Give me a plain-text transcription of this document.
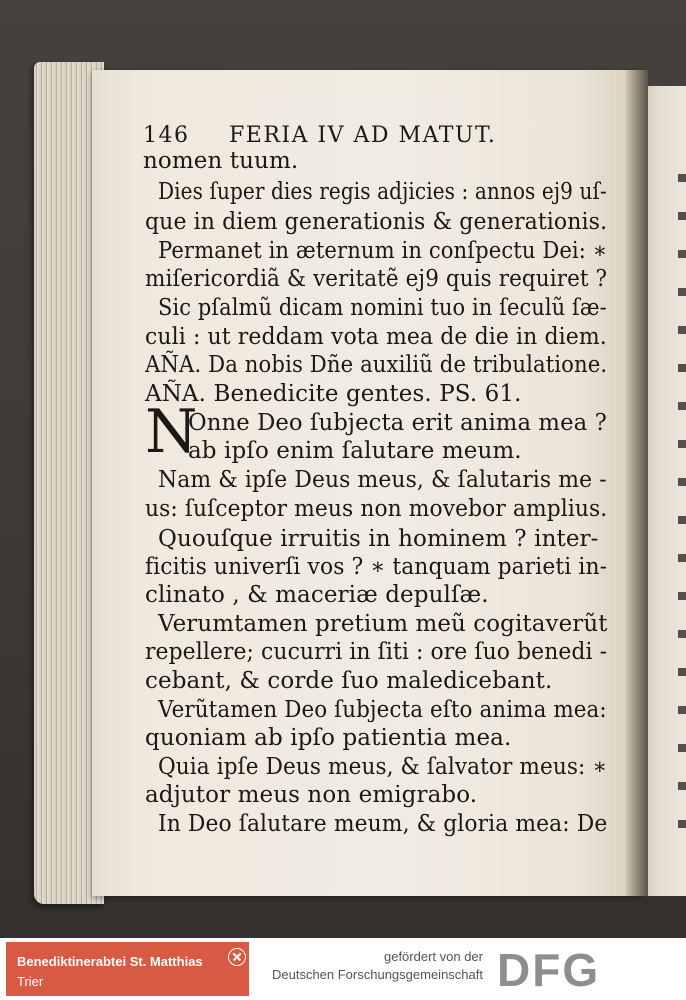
146 FERIA IV AD MATUT.
nomen tuum.
Dies ſuper dies regis adjicies : annos ej9 uſ-
que in diem generationis & generationis.
Permanet in æternum in conſpectu Dei: ∗
miſericordiã & veritatẽ ej9 quis requiret ?
Sic pſalmũ dicam nomini tuo in ſeculũ ſæ-
culi : ut reddam vota mea de die in diem.
AÑA. Da nobis Dñe auxiliũ de tribulatione.
AÑA. Benedicite gentes. PS. 61.
N
Onne Deo ſubjecta erit anima mea ?
ab ipſo enim ſalutare meum.
Nam & ipſe Deus meus, & ſalutaris me -
us: ſuſceptor meus non movebor amplius.
Quouſque irruitis in hominem ? inter-
ficitis univerſi vos ? ∗ tanquam parieti in-
clinato , & maceriæ depulſæ.
Verumtamen pretium meũ cogitaverũt
repellere; cucurri in ſiti : ore ſuo benedi -
cebant, & corde ſuo maledicebant.
Verũtamen Deo ſubjecta eſto anima mea:
quoniam ab ipſo patientia mea.
Quia ipſe Deus meus, & ſalvator meus: ∗
adjutor meus non emigrabo.
In Deo ſalutare meum, & gloria mea: De
Benediktinerabtei St. Matthias
Trier
gefördert von der
Deutschen Forschungsgemeinschaft DFG
